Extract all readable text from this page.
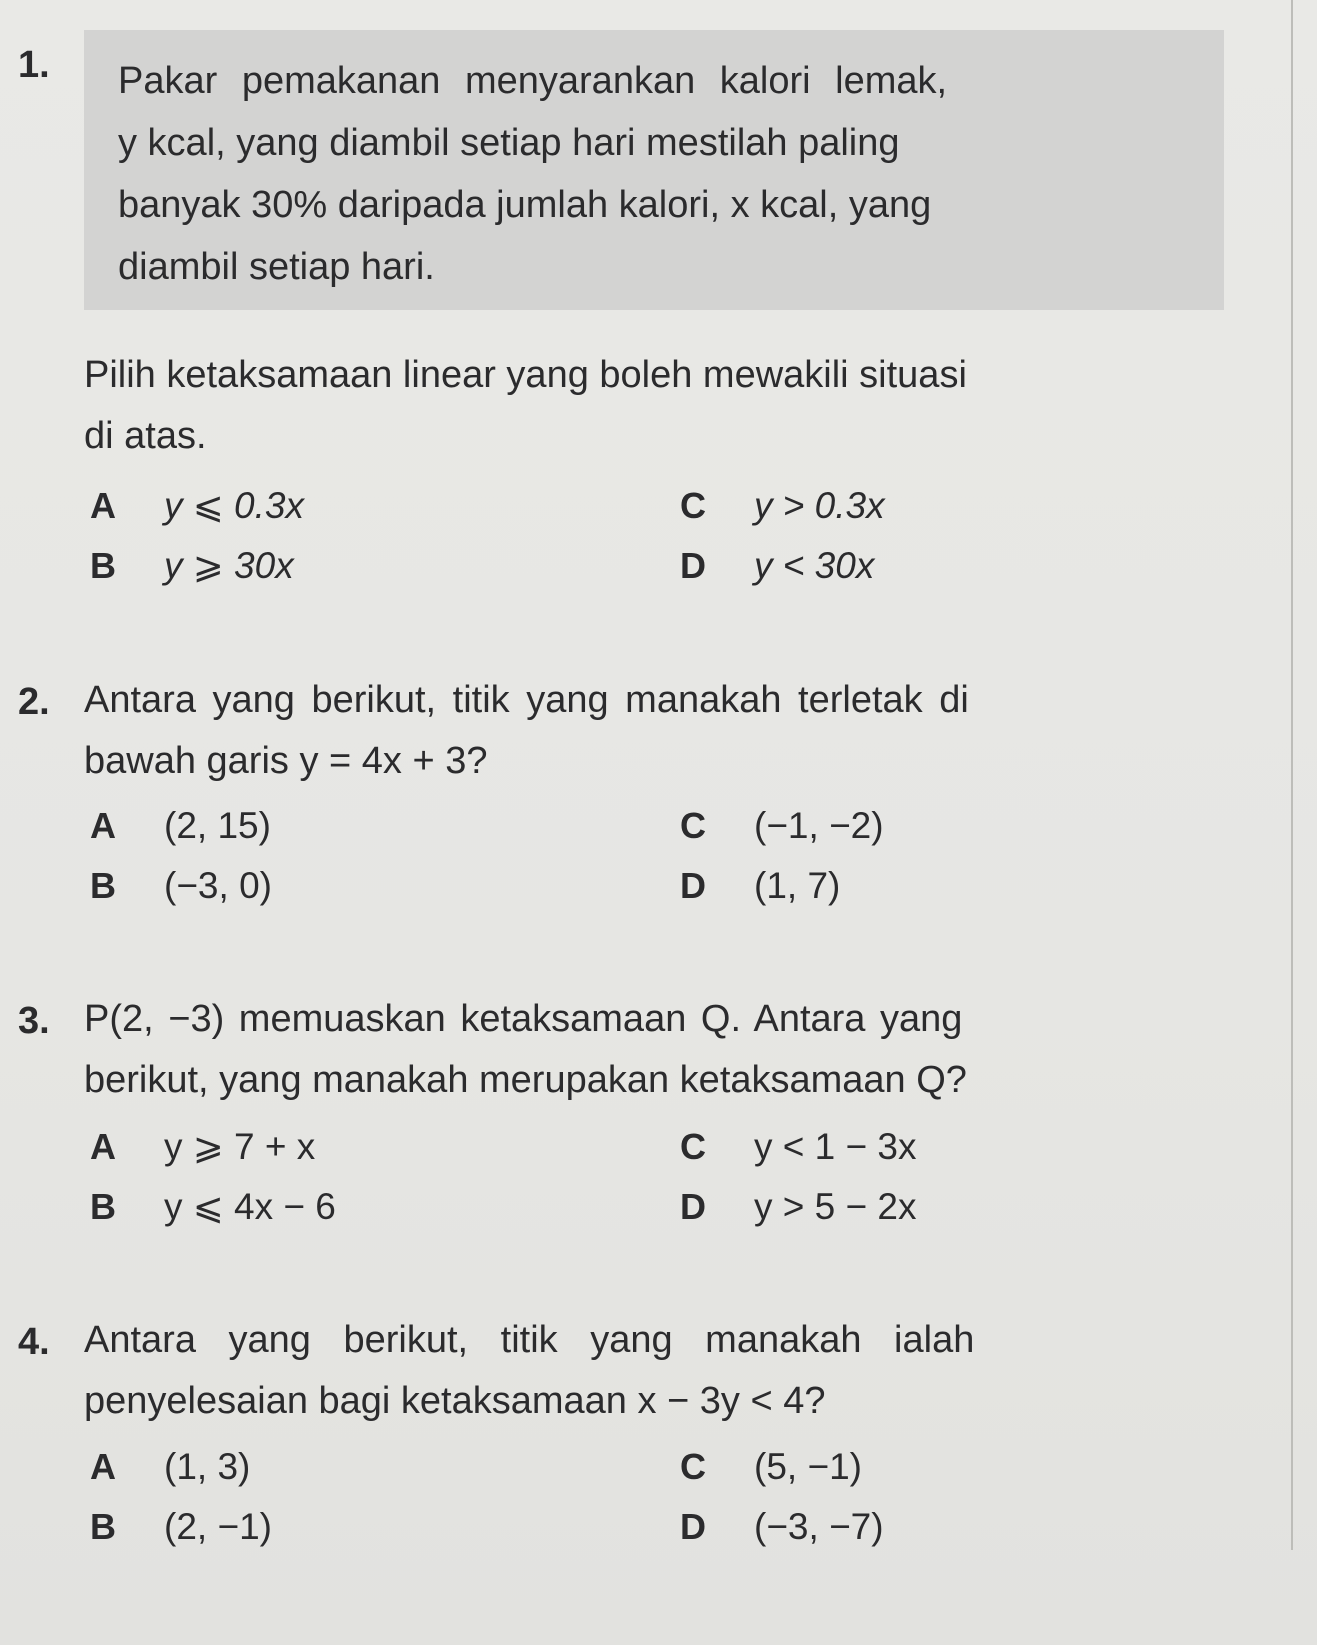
1. Pakar pemakanan menyarankan kalori lemak,
y kcal, yang diambil setiap hari mestilah paling
banyak 30% daripada jumlah kalori, x kcal, yang
diambil setiap hari.
Pilih ketaksamaan linear yang boleh mewakili situasi
di atas.
A y ⩽ 0.3x
B y ⩾ 30x
C y > 0.3x
D y < 30x
2. Antara yang berikut, titik yang manakah terletak di
bawah garis y = 4x + 3?
A (2, 15)
B (−3, 0)
C (−1, −2)
D (1, 7)
3. P(2, −3) memuaskan ketaksamaan Q. Antara yang
berikut, yang manakah merupakan ketaksamaan Q?
A y ⩾ 7 + x
B y ⩽ 4x − 6
C y < 1 − 3x
D y > 5 − 2x
4. Antara yang berikut, titik yang manakah ialah
penyelesaian bagi ketaksamaan x − 3y < 4?
A (1, 3)
B (2, −1)
C (5, −1)
D (−3, −7)
